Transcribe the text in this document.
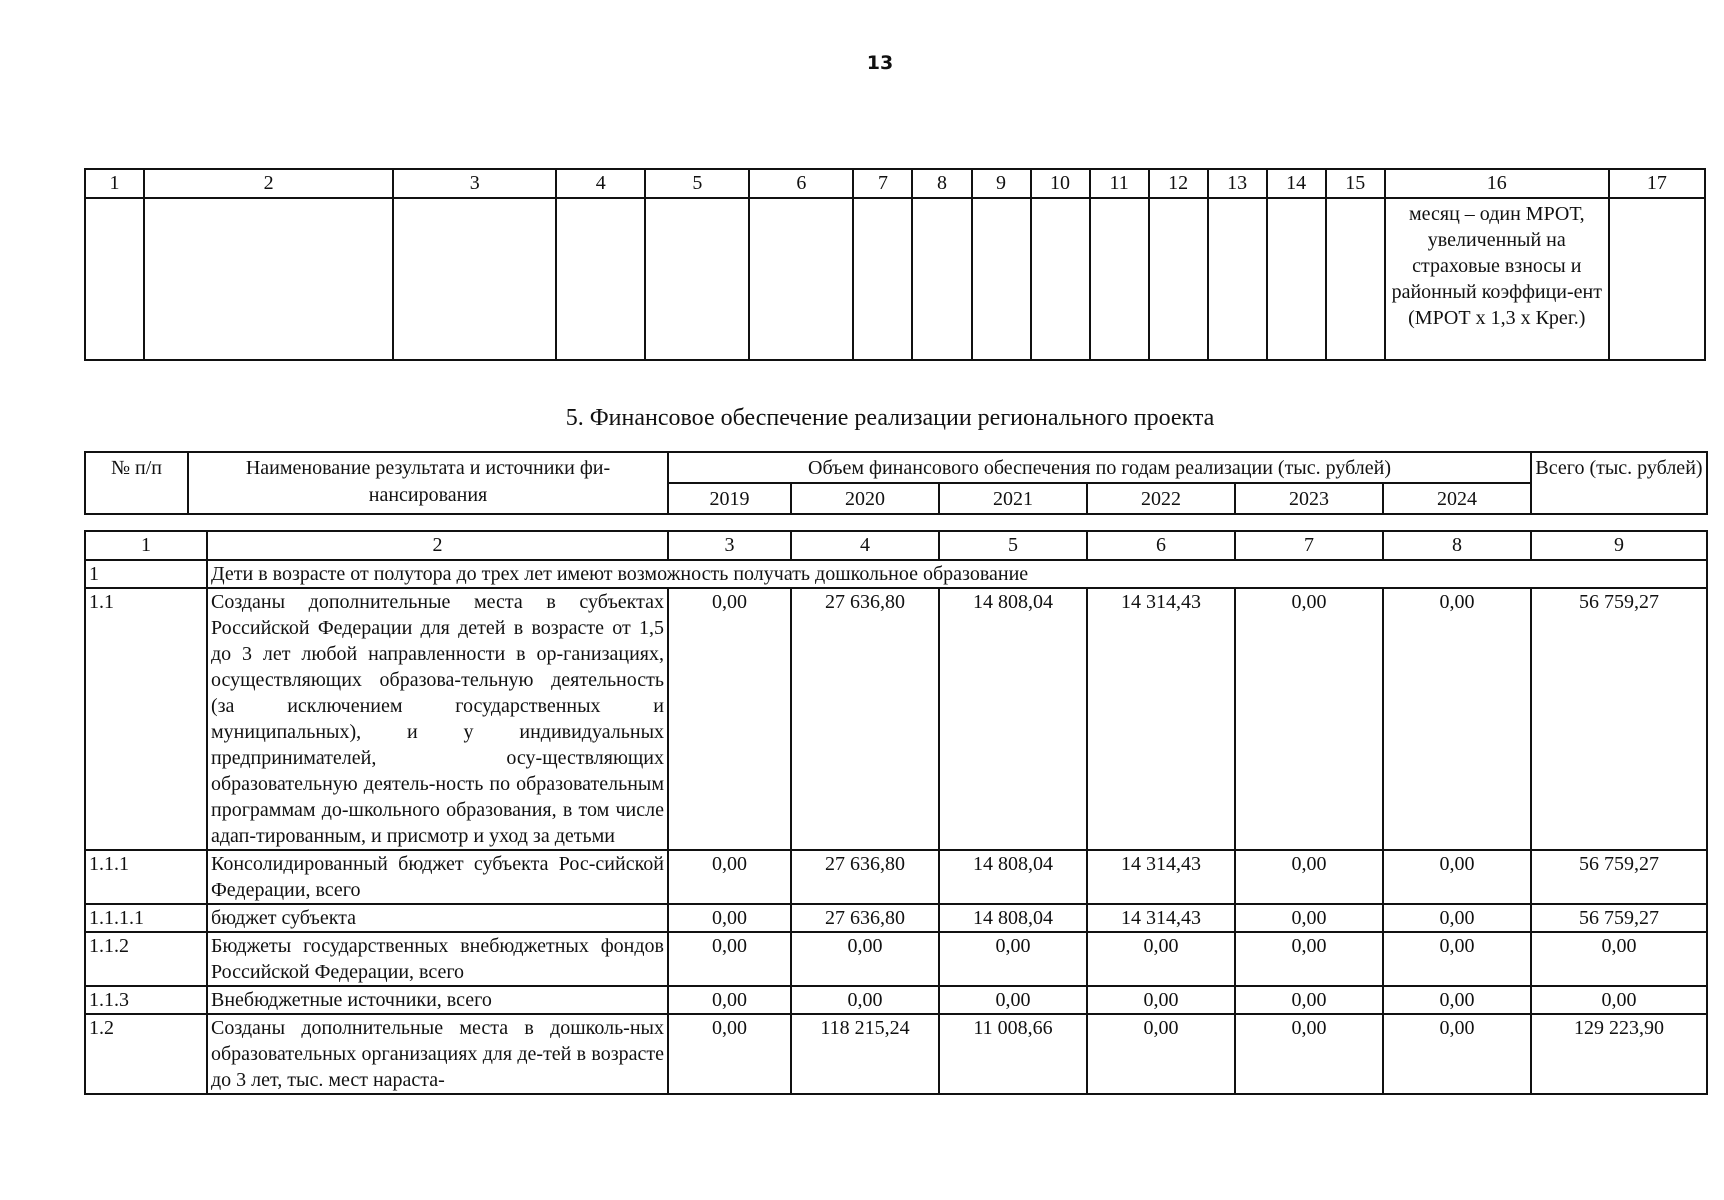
13
1	2	3	4	5	6	7	8	9	10	11	12	13	14	15	16	17
															месяц – один МРОТ, увеличенный на страховые взносы и районный коэффици-ент (МРОТ х 1,3 х Крег.)	
5. Финансовое обеспечение реализации регионального проекта
№ п/п	Наименование результата и источники фи-нансирования	Объем финансового обеспечения по годам реализации (тыс. рублей)						Всего (тыс. рублей)
		2019	2020	2021	2022	2023	2024	
1	2	3	4	5	6	7	8	9
1	Дети в возрасте от полутора до трех лет имеют возможность получать дошкольное образование							
1.1	Созданы дополнительные места в субъектах Российской Федерации для детей в возрасте от 1,5 до 3 лет любой направленности в ор-ганизациях, осуществляющих образова-тельную деятельность (за исключением государственных и муниципальных), и у индивидуальных предпринимателей, осу-ществляющих образовательную деятель-ность по образовательным программам до-школьного образования, в том числе адап-тированным, и присмотр и уход за детьми	0,00	27 636,80	14 808,04	14 314,43	0,00	0,00	56 759,27

1.1.1	Консолидированный бюджет субъекта Рос-сийской Федерации, всего	0,00	27 636,80	14 808,04	14 314,43	0,00	0,00	56 759,27

1.1.1.1	бюджет субъекта	0,00	27 636,80	14 808,04	14 314,43	0,00	0,00	56 759,27

1.1.2	Бюджеты государственных внебюджетных фондов Российской Федерации, всего	0,00	0,00	0,00	0,00	0,00	0,00	0,00

1.1.3	Внебюджетные источники, всего	0,00	0,00	0,00	0,00	0,00	0,00	0,00

1.2	Созданы дополнительные места в дошколь-ных образовательных организациях для де-тей в возрасте до 3 лет, тыс. мест нараста-	0,00	118 215,24	11 008,66	0,00	0,00	0,00	129 223,90
